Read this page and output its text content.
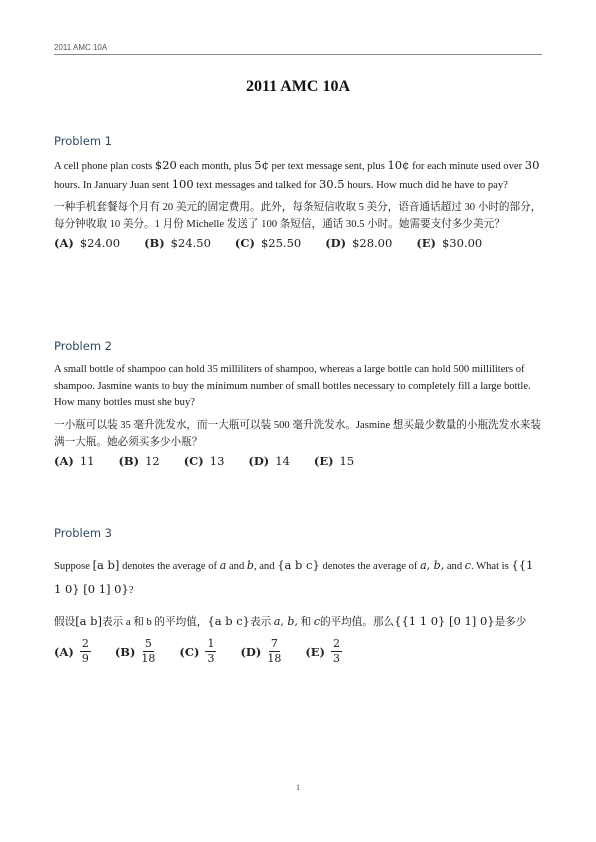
2011 AMC 10A
2011 AMC 10A

Problem 1

A cell phone plan costs $20 each month, plus 5¢ per text message sent, plus 10¢ for each minute used over 30 hours. In January Juan sent 100 text messages and talked for 30.5 hours. How much did he have to pay?

一种手机套餐每个月有 20 美元的固定费用。此外，每条短信收取 5 美分，语音通话超过 30 小时的部分，每分钟收取 10 美分。1 月份 Michelle 发送了 100 条短信，通话 30.5 小时。她需要支付多少美元？

(A) $24.00 (B) $24.50 (C) $25.50 (D) $28.00 (E) $30.00

Problem 2

A small bottle of shampoo can hold 35 milliliters of shampoo, whereas a large bottle can hold 500 milliliters of shampoo. Jasmine wants to buy the minimum number of small bottles necessary to completely fill a large bottle. How many bottles must she buy?

一小瓶可以装 35 毫升洗发水，而一大瓶可以装 500 毫升洗发水。Jasmine 想买最少数量的小瓶洗发水来装满一大瓶。她必须买多少小瓶？

(A) 11 (B) 12 (C) 13 (D) 14 (E) 15

Problem 3

Suppose [a b] denotes the average of a and b, and {a b c} denotes the average of a, b, and c. What is {{1 1 0} [0 1] 0}?

假设[a b]表示 a 和 b 的平均值，{a b c}表示 a, b, 和 c的平均值。那么{{1 1 0} [0 1] 0}是多少

$(A) \frac{2}{9} (B) \frac{5}{18} (C) \frac{1}{3} (D) \frac{7}{18} (E) \frac{2}{3}$
1
